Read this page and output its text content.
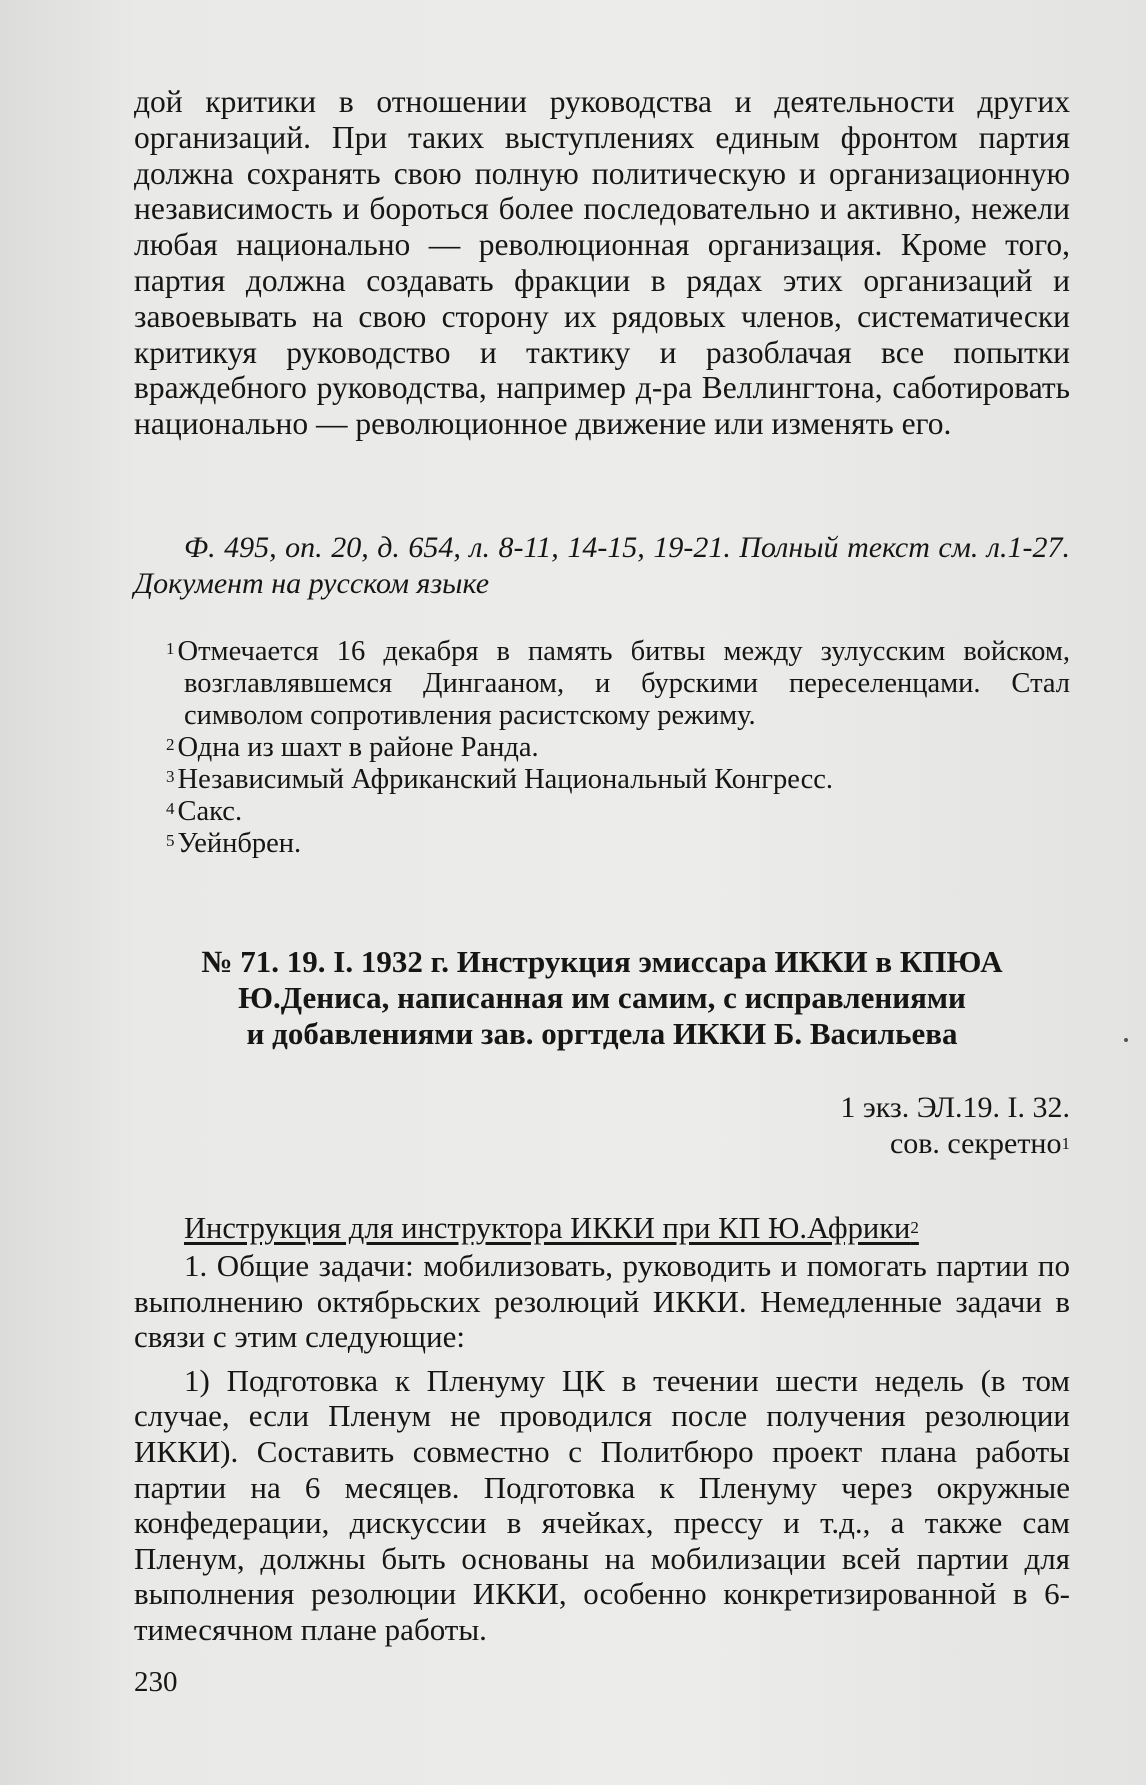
дой критики в отношении руководства и деятельности других организаций. При таких выступлениях единым фронтом партия должна сохранять свою полную политическую и организационную независимость и бороться более последовательно и активно, нежели любая национально — революционная организация. Кроме того, партия должна создавать фракции в рядах этих организаций и завоевывать на свою сторону их рядовых членов, систематически критикуя руководство и тактику и разоблачая все попытки враждебного руководства, например д-ра Веллингтона, саботировать национально — революционное движение или изменять его.

Ф. 495, оп. 20, д. 654, л. 8-11, 14-15, 19-21. Полный текст см. л.1-27. Документ на русском языке

$^1$ Отмечается 16 декабря в память битвы между зулусским войском, возглавлявшемся Дингааном, и бурскими переселенцами. Стал символом сопротивления расистскому режиму.
$^2$ Одна из шахт в районе Ранда.
$^3$ Независимый Африканский Национальный Конгресс.
$^4$ Сакс.
$^5$ Уейнбрен.
№ 71. 19. I. 1932 г. Инструкция эмиссара ИККИ в КПЮА
Ю.Дениса, написанная им самим, с исправлениями
и добавлениями зав. оргтдела ИККИ Б. Васильева
1 экз. ЭЛ.19. I. 32.
сов. секретно$^1$
Инструкция для инструктора ИККИ при КП Ю.Африки$^2$

1. Общие задачи: мобилизовать, руководить и помогать партии по выполнению октябрьских резолюций ИККИ. Немедленные задачи в связи с этим следующие:

1) Подготовка к Пленуму ЦК в течении шести недель (в том случае, если Пленум не проводился после получения резолюции ИККИ). Составить совместно с Политбюро проект плана работы партии на 6 месяцев. Подготовка к Пленуму через окружные конфедерации, дискуссии в ячейках, прессу и т.д., а также сам Пленум, должны быть основаны на мобилизации всей партии для выполнения резолюции ИККИ, особенно конкретизированной в 6-тимесячном плане работы.

230
